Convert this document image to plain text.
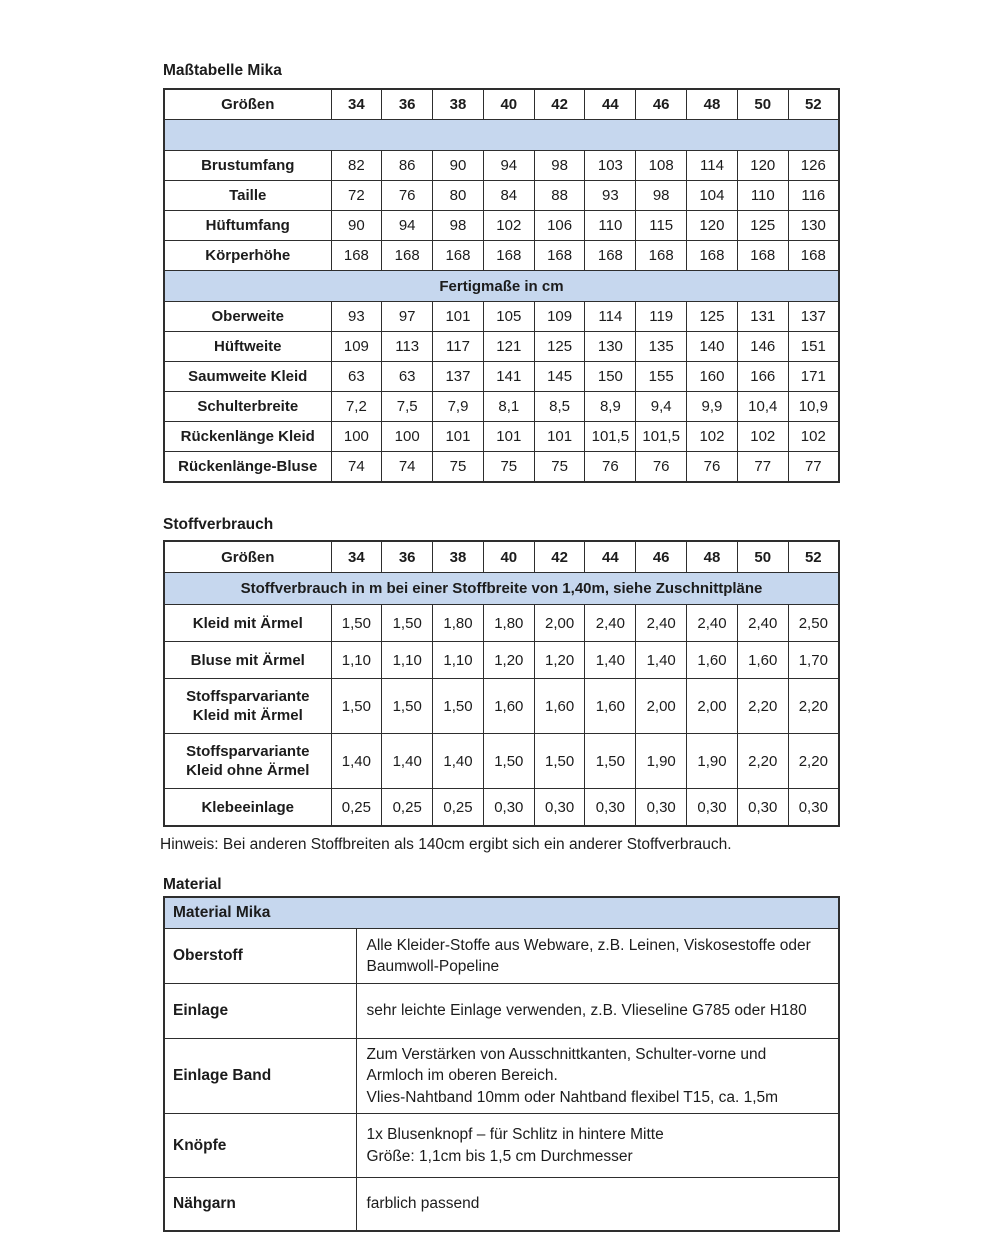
Maßtabelle Mika
Größen	34	36	38	40	42	44	46	48	50	52

Brustumfang	82	86	90	94	98	103	108	114	120	126

Taille	72	76	80	84	88	93	98	104	110	116

Hüftumfang	90	94	98	102	106	110	115	120	125	130

Körperhöhe	168	168	168	168	168	168	168	168	168	168
Fertigmaße in cm										

Oberweite	93	97	101	105	109	114	119	125	131	137

Hüftweite	109	113	117	121	125	130	135	140	146	151

Saumweite Kleid	63	63	137	141	145	150	155	160	166	171

Schulterbreite	7,2	7,5	7,9	8,1	8,5	8,9	9,4	9,9	10,4	10,9

Rückenlänge Kleid	100	100	101	101	101	101,5	101,5	102	102	102

Rückenlänge-Bluse	74	74	75	75	75	76	76	76	77	77
Stoffverbrauch
Größen	34	36	38	40	42	44	46	48	50	52
Stoffverbrauch in m bei einer Stoffbreite von 1,40m, siehe Zuschnittpläne										

Kleid mit Ärmel	1,50	1,50	1,80	1,80	2,00	2,40	2,40	2,40	2,40	2,50

Bluse mit Ärmel	1,10	1,10	1,10	1,20	1,20	1,40	1,40	1,60	1,60	1,70

Stoffsparvariante
Kleid mit Ärmel	1,50	1,50	1,50	1,60	1,60	1,60	2,00	2,00	2,20	2,20

Stoffsparvariante
Kleid ohne Ärmel	1,40	1,40	1,40	1,50	1,50	1,50	1,90	1,90	2,20	2,20

Klebeeinlage	0,25	0,25	0,25	0,30	0,30	0,30	0,30	0,30	0,30	0,30
Hinweis: Bei anderen Stoffbreiten als 140cm ergibt sich ein anderer Stoffverbrauch.
Material
Material Mika	
Oberstoff	Alle Kleider-Stoffe aus Webware, z.B. Leinen, Viskosestoffe oder
Baumwoll-Popeline

Einlage	sehr leichte Einlage verwenden, z.B. Vlieseline G785 oder H180

Einlage Band	Zum Verstärken von Ausschnittkanten, Schulter-vorne und
Armloch im oberen Bereich.
Vlies-Nahtband 10mm oder Nahtband flexibel T15, ca. 1,5m

Knöpfe	1x Blusenknopf – für Schlitz in hintere Mitte
Größe: 1,1cm bis 1,5 cm Durchmesser

Nähgarn	farblich passend
